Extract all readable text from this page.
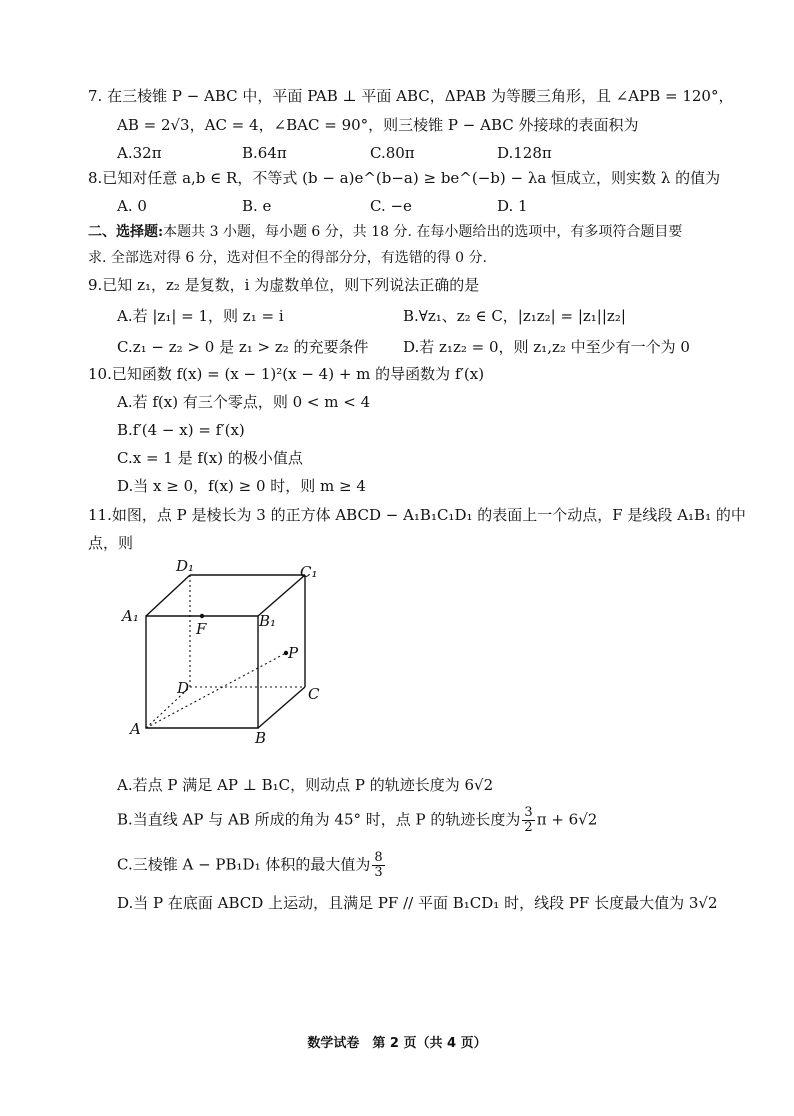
7. 在三棱锥 P − ABC 中，平面 PAB ⊥ 平面 ABC，ΔPAB 为等腰三角形，且 ∠APB = 120°，
AB = 2√3，AC = 4，∠BAC = 90°，则三棱锥 P − ABC 外接球的表面积为
A.32π	B.64π	C.80π	D.128π
8.已知对任意 a,b ∈ R，不等式 (b − a)e^(b−a) ≥ be^(−b) − λa 恒成立，则实数 λ 的值为
A. 0	B. e	C. −e	D. 1
二、选择题:本题共 3 小题，每小题 6 分，共 18 分. 在每小题给出的选项中，有多项符合题目要
求. 全部选对得 6 分，选对但不全的得部分分，有选错的得 0 分.
9.已知 z₁，z₂ 是复数，i 为虚数单位，则下列说法正确的是
A.若 |z₁| = 1，则 z₁ = i	B.∀z₁、z₂ ∈ C，|z₁z₂| = |z₁||z₂|
C.z₁ − z₂ > 0 是 z₁ > z₂ 的充要条件 D.若 z₁z₂ = 0，则 z₁,z₂ 中至少有一个为 0
10.已知函数 f(x) = (x − 1)²(x − 4) + m 的导函数为 f′(x)
A.若 f(x) 有三个零点，则 0 < m < 4
B.f′(4 − x) = f′(x)
C.x = 1 是 f(x) 的极小值点
D.当 x ≥ 0，f(x) ≥ 0 时，则 m ≥ 4
11.如图，点 P 是棱长为 3 的正方体 ABCD − A₁B₁C₁D₁ 的表面上一个动点，F 是线段 A₁B₁ 的中
点，则
D₁	C₁
A₁
F	B₁
P
D	C
A	B
A.若点 P 满足 AP ⊥ B₁C，则动点 P 的轨迹长度为 6√2
B.当直线 AP 与 AB 所成的角为 45° 时，点 P 的轨迹长度为 $\frac{3}{2}$ π + 6√2
C.三棱锥 A − PB₁D₁ 体积的最大值为 $\frac{8}{3}$
D.当 P 在底面 ABCD 上运动，且满足 PF // 平面 B₁CD₁ 时，线段 PF 长度最大值为 3√2
数学试卷　第 2 页（共 4 页）
